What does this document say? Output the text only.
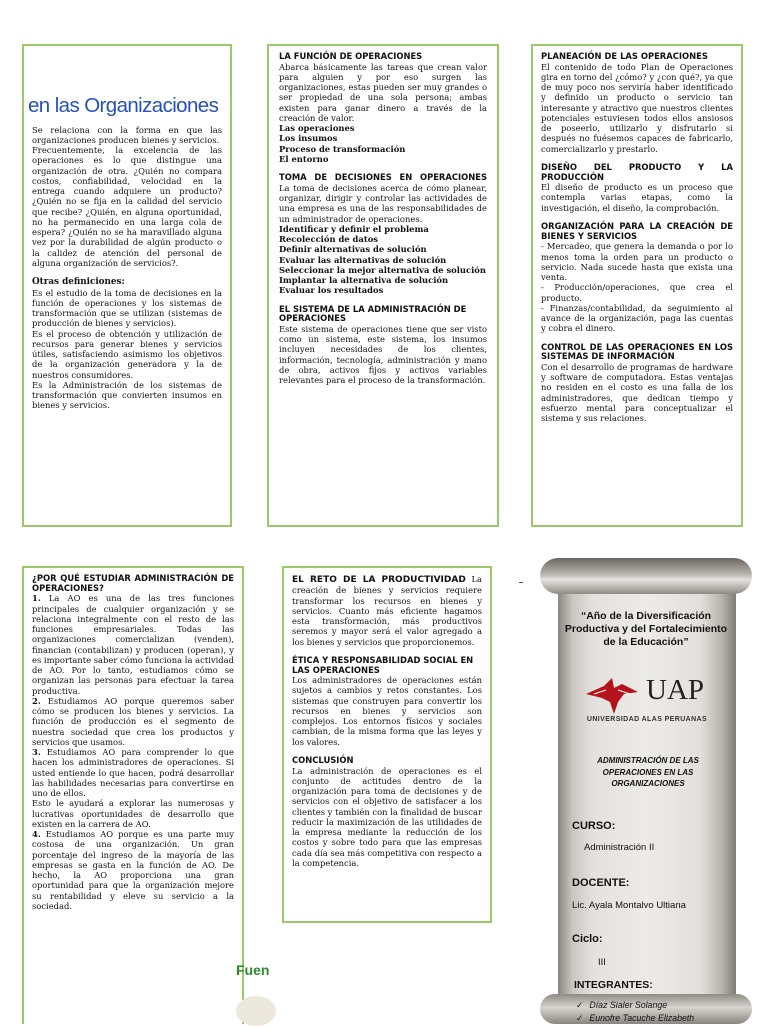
en las Organizaciones

Se relaciona con la forma en que las organizaciones producen bienes y servicios.
Frecuentemente, la excelencia de las operaciones es lo que distingue una organización de otra. ¿Quién no compara costos, confiabilidad, velocidad en la entrega cuando adquiere un producto? ¿Quién no se fija en la calidad del servicio que recibe? ¿Quién, en alguna oportunidad, no ha permanecido en una larga cola de espera? ¿Quién no se ha maravillado alguna vez por la durabilidad de algún producto o la calidez de atención del personal de alguna organización de servicios?.

Otras definiciones:

Es el estudio de la toma de decisiones en la función de operaciones y los sistemas de transformación que se utilizan (sistemas de producción de bienes y servicios).
Es el proceso de obtención y utilización de recursos para generar bienes y servicios útiles, satisfaciendo asimismo los objetivos de la organización generadora y la de nuestros consumidores.
Es la Administración de los sistemas de transformación que convierten insumos en bienes y servicios.

LA FUNCIÓN DE OPERACIONES

Abarca básicamente las tareas que crean valor para alguien y por eso surgen las organizaciones, estas pueden ser muy grandes o ser propiedad de una sola persona; ambas existen para ganar dinero a través de la creación de valor.

Las operaciones

Los insumos

Proceso de transformación

El entorno

TOMA DE DECISIONES EN OPERACIONES

La toma de decisiones acerca de cómo planear, organizar, dirigir y controlar las actividades de una empresa es una de las responsabilidades de un administrador de operaciones.

Identificar y definir el problema

Recolección de datos

Definir alternativas de solución

Evaluar las alternativas de solución

Seleccionar la mejor alternativa de solución

Implantar la alternativa de solución

Evaluar los resultados

EL SISTEMA DE LA ADMINISTRACIÓN DE OPERACIONES

Este sistema de operaciones tiene que ser visto como un sistema, este sistema, los insumos incluyen necesidades de los clientes, información, tecnología, administración y mano de obra, activos fijos y activos variables relevantes para el proceso de la transformación.

PLANEACIÓN DE LAS OPERACIONES

El contenido de todo Plan de Operaciones gira en torno del ¿cómo? y ¿con qué?, ya que de muy poco nos serviría haber identificado y definido un producto o servicio tan interesante y atractivo que nuestros clientes potenciales estuviesen todos ellos ansiosos de poseerlo, utilizarlo y disfrutarlo si después no fuésemos capaces de fabricarlo, comercializarlo y prestarlo.

DISEÑO DEL PRODUCTO Y LA PRODUCCIÓN

El diseño de producto es un proceso que contempla varias etapas, como la investigación, el diseño, la comprobación.

ORGANIZACIÓN PARA LA CREACIÓN DE BIENES Y SERVICIOS

- Mercadeo, que genera la demanda o por lo menos toma la orden para un producto o servicio. Nada sucede hasta que exista una venta.
- Producción/operaciones, que crea el producto.
- Finanzas/contabilidad, da seguimiento al avance de la organización, paga las cuentas y cobra el dinero.

CONTROL DE LAS OPERACIONES EN LOS SISTEMAS DE INFORMACIÓN

Con el desarrollo de programas de hardware y software de computadora. Estas ventajas no residen en el costo es una falla de los administradores, que dedican tiempo y esfuerzo mental para conceptualizar el sistema y sus relaciones.

¿POR QUÉ ESTUDIAR ADMINISTRACIÓN DE OPERACIONES?

1. La AO es una de las tres funciones principales de cualquier organización y se relaciona integralmente con el resto de las funciones empresariales. Todas las organizaciones comercializan (venden), financian (contabilizan) y producen (operan), y es importante saber cómo funciona la actividad de AO. Por lo tanto, estudiamos cómo se organizan las personas para efectuar la tarea productiva.

2. Estudiamos AO porque queremos saber cómo se producen los bienes y servicios. La función de producción es el segmento de nuestra sociedad que crea los productos y servicios que usamos.

3. Estudiamos AO para comprender lo que hacen los administradores de operaciones. Si usted entiende lo que hacen, podrá desarrollar las habilidades necesarias para convertirse en uno de ellos.
Esto le ayudará a explorar las numerosas y lucrativas oportunidades de desarrollo que existen en la carrera de AO.

4. Estudiamos AO porque es una parte muy costosa de una organización. Un gran porcentaje del ingreso de la mayoría de las empresas se gasta en la función de AO. De hecho, la AO proporciona una gran oportunidad para que la organización mejore su rentabilidad y eleve su servicio a la sociedad.

Fuen

EL RETO DE LA PRODUCTIVIDAD La creación de bienes y servicios requiere transformar los recursos en bienes y servicios. Cuanto más eficiente hagamos esta transformación, más productivos seremos y mayor será el valor agregado a los bienes y servicios que proporcionemos.

ÉTICA Y RESPONSABILIDAD SOCIAL EN LAS OPERACIONES

Los administradores de operaciones están sujetos a cambios y retos constantes. Los sistemas que construyen para convertir los recursos en bienes y servicios son complejos. Los entornos físicos y sociales cambian, de la misma forma que las leyes y los valores.

CONCLUSIÓN

La administración de operaciones es el conjunto de actitudes dentro de la organización para toma de decisiones y de servicios con el objetivo de satisfacer a los clientes y también con la finalidad de buscar reducir la maximización de las utilidades de la empresa mediante la reducción de los costos y sobre todo para que las empresas cada día sea más competitiva con respecto a la competencia.

“Año de la Diversificación Productiva y del Fortalecimiento de la Educación”
UAP
UNIVERSIDAD ALAS PERUANAS
ADMINISTRACIÓN DE LAS OPERACIONES EN LAS ORGANIZACIONES
CURSO:
Administración II
DOCENTE:
Lic. Ayala Montalvo Ultiana
Ciclo:
III
INTEGRANTES:
✓ Díaz Sialer Solange
✓ Eunofre Tacuche Elizabeth
